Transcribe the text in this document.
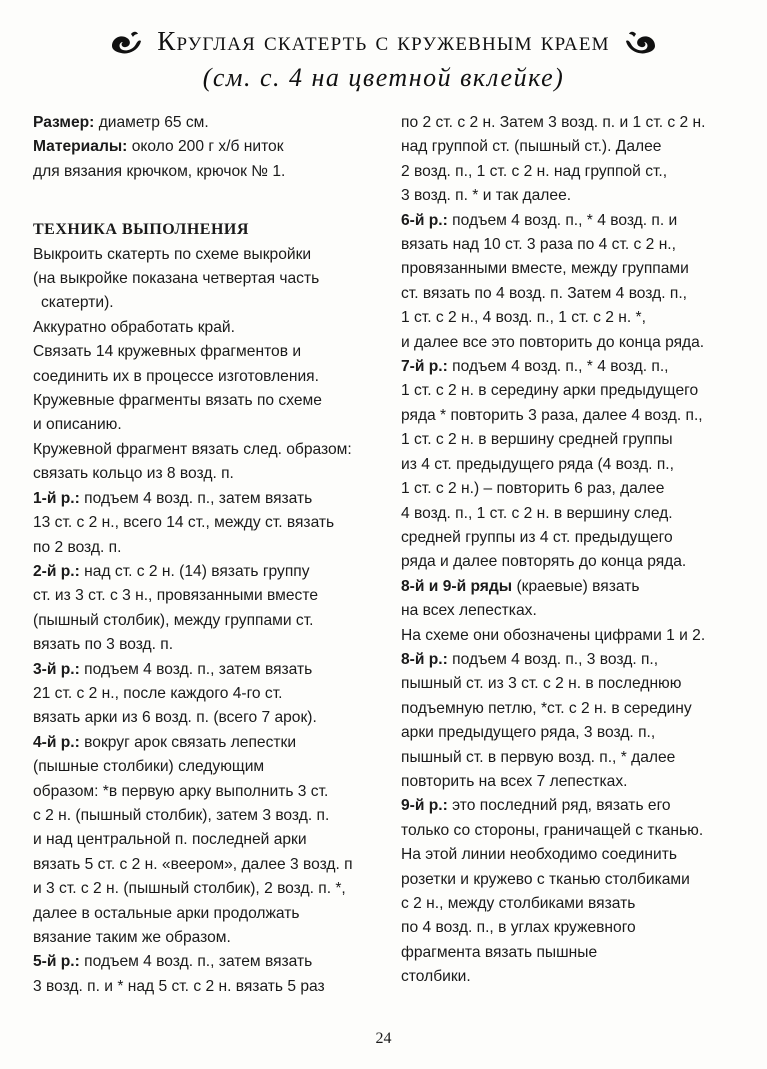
Круглая скатерть с кружевным краем
(см. с. 4 на цветной вклейке)
Размер: диаметр 65 см.
Материалы: около 200 г х/б ниток
для вязания крючком, крючок № 1.
ТЕХНИКА ВЫПОЛНЕНИЯ
Выкроить скатерть по схеме выкройки
(на выкройке показана четвертая часть
скатерти).
Аккуратно обработать край.
Связать 14 кружевных фрагментов и
соединить их в процессе изготовления.
Кружевные фрагменты вязать по схеме
и описанию.
Кружевной фрагмент вязать след. образом:
связать кольцо из 8 возд. п.
1-й р.: подъем 4 возд. п., затем вязать
13 ст. с 2 н., всего 14 ст., между ст. вязать
по 2 возд. п.
2-й р.: над ст. с 2 н. (14) вязать группу
ст. из 3 ст. с 3 н., провязанными вместе
(пышный столбик), между группами ст.
вязать по 3 возд. п.
3-й р.: подъем 4 возд. п., затем вязать
21 ст. с 2 н., после каждого 4-го ст.
вязать арки из 6 возд. п. (всего 7 арок).
4-й р.: вокруг арок связать лепестки
(пышные столбики) следующим
образом: *в первую арку выполнить 3 ст.
с 2 н. (пышный столбик), затем 3 возд. п.
и над центральной п. последней арки
вязать 5 ст. с 2 н. «веером», далее 3 возд. п
и 3 ст. с 2 н. (пышный столбик), 2 возд. п. *,
далее в остальные арки продолжать
вязание таким же образом.
5-й р.: подъем 4 возд. п., затем вязать
3 возд. п. и * над 5 ст. с 2 н. вязать 5 раз
по 2 ст. с 2 н. Затем 3 возд. п. и 1 ст. с 2 н.
над группой ст. (пышный ст.). Далее
2 возд. п., 1 ст. с 2 н. над группой ст.,
3 возд. п. * и так далее.
6-й р.: подъем 4 возд. п., * 4 возд. п. и
вязать над 10 ст. 3 раза по 4 ст. с 2 н.,
провязанными вместе, между группами
ст. вязать по 4 возд. п. Затем 4 возд. п.,
1 ст. с 2 н., 4 возд. п., 1 ст. с 2 н. *,
и далее все это повторить до конца ряда.
7-й р.: подъем 4 возд. п., * 4 возд. п.,
1 ст. с 2 н. в середину арки предыдущего
ряда * повторить 3 раза, далее 4 возд. п.,
1 ст. с 2 н. в вершину средней группы
из 4 ст. предыдущего ряда (4 возд. п.,
1 ст. с 2 н.) – повторить 6 раз, далее
4 возд. п., 1 ст. с 2 н. в вершину след.
средней группы из 4 ст. предыдущего
ряда и далее повторять до конца ряда.
8-й и 9-й ряды (краевые) вязать
на всех лепестках.
На схеме они обозначены цифрами 1 и 2.
8-й р.: подъем 4 возд. п., 3 возд. п.,
пышный ст. из 3 ст. с 2 н. в последнюю
подъемную петлю, *ст. с 2 н. в середину
арки предыдущего ряда, 3 возд. п.,
пышный ст. в первую возд. п., * далее
повторить на всех 7 лепестках.
9-й р.: это последний ряд, вязать его
только со стороны, граничащей с тканью.
На этой линии необходимо соединить
розетки и кружево с тканью столбиками
с 2 н., между столбиками вязать
по 4 возд. п., в углах кружевного
фрагмента вязать пышные
столбики.
24
